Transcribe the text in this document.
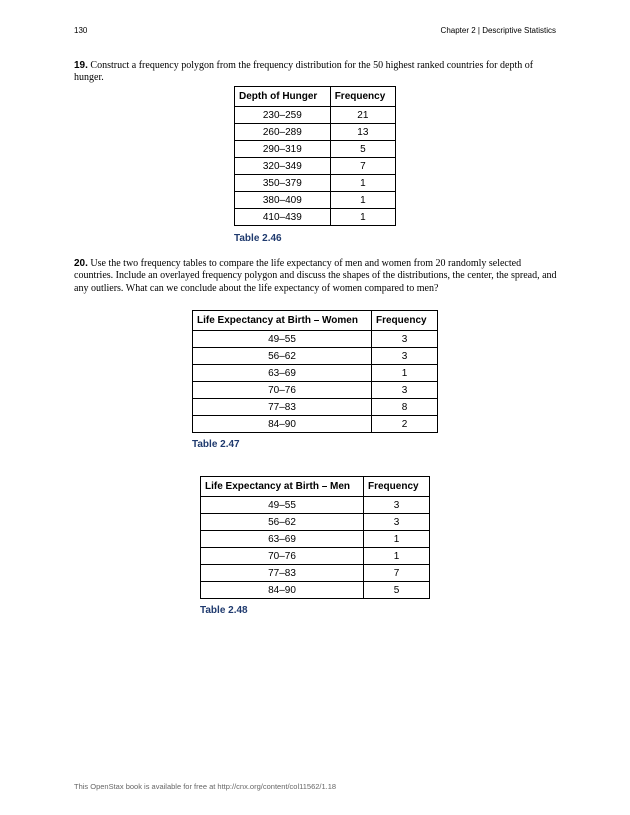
130	Chapter 2 | Descriptive Statistics
19. Construct a frequency polygon from the frequency distribution for the 50 highest ranked countries for depth of hunger.
Depth of Hunger	Frequency
230–259	21
260–289	13
290–319	5
320–349	7
350–379	1
380–409	1
410–439	1
Table 2.46
20. Use the two frequency tables to compare the life expectancy of men and women from 20 randomly selected countries. Include an overlayed frequency polygon and discuss the shapes of the distributions, the center, the spread, and any outliers. What can we conclude about the life expectancy of women compared to men?
Life Expectancy at Birth – Women	Frequency
49–55	3
56–62	3
63–69	1
70–76	3
77–83	8
84–90	2
Table 2.47
Life Expectancy at Birth – Men	Frequency
49–55	3
56–62	3
63–69	1
70–76	1
77–83	7
84–90	5
Table 2.48
This OpenStax book is available for free at http://cnx.org/content/col11562/1.18
